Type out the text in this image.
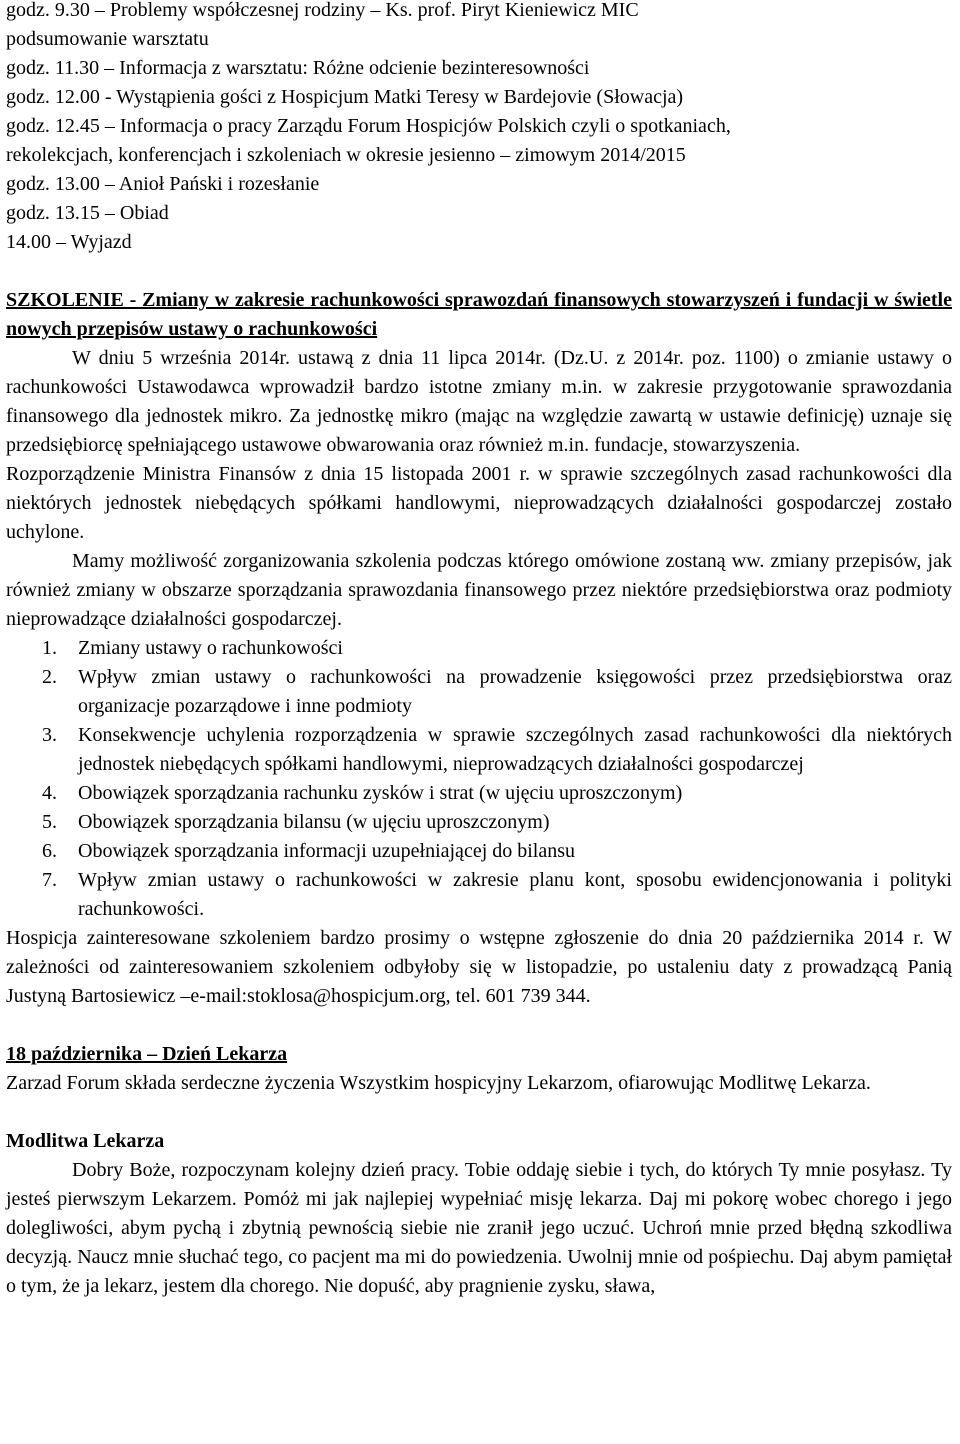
godz. 9.30 – Problemy współczesnej rodziny – Ks. prof. Piryt Kieniewicz MIC

podsumowanie warsztatu

godz. 11.30 – Informacja z warsztatu: Różne odcienie bezinteresowności

godz. 12.00 - Wystąpienia gości z Hospicjum Matki Teresy w Bardejovie (Słowacja)

godz. 12.45 – Informacja o pracy Zarządu Forum Hospicjów Polskich czyli o spotkaniach,

rekolekcjach, konferencjach i szkoleniach w okresie jesienno – zimowym 2014/2015

godz. 13.00 – Anioł Pański i rozesłanie

godz. 13.15 – Obiad

14.00 – Wyjazd

SZKOLENIE - Zmiany w zakresie rachunkowości sprawozdań finansowych stowarzyszeń i fundacji w świetle nowych przepisów ustawy o rachunkowości

W dniu 5 września 2014r. ustawą z dnia 11 lipca 2014r. (Dz.U. z 2014r. poz. 1100) o zmianie ustawy o rachunkowości Ustawodawca wprowadził bardzo istotne zmiany m.in. w zakresie przygotowanie sprawozdania finansowego dla jednostek mikro. Za jednostkę mikro (mając na względzie zawartą w ustawie definicję) uznaje się przedsiębiorcę spełniającego ustawowe obwarowania oraz również m.in. fundacje, stowarzyszenia.

Rozporządzenie Ministra Finansów z dnia 15 listopada 2001 r. w sprawie szczególnych zasad rachunkowości dla niektórych jednostek niebędących spółkami handlowymi, nieprowadzących działalności gospodarczej zostało uchylone.

Mamy możliwość zorganizowania szkolenia podczas którego omówione zostaną ww. zmiany przepisów, jak również zmiany w obszarze sporządzania sprawozdania finansowego przez niektóre przedsiębiorstwa oraz podmioty nieprowadzące działalności gospodarczej.

1.	Zmiany ustawy o rachunkowości
2.	Wpływ zmian ustawy o rachunkowości na prowadzenie księgowości przez przedsiębiorstwa oraz organizacje pozarządowe i inne podmioty
3.	Konsekwencje uchylenia rozporządzenia w sprawie szczególnych zasad rachunkowości dla niektórych jednostek niebędących spółkami handlowymi, nieprowadzących działalności gospodarczej
4.	Obowiązek sporządzania rachunku zysków i strat (w ujęciu uproszczonym)
5.	Obowiązek sporządzania bilansu (w ujęciu uproszczonym)
6.	Obowiązek sporządzania informacji uzupełniającej do bilansu
7.	Wpływ zmian ustawy o rachunkowości w zakresie planu kont, sposobu ewidencjonowania i polityki rachunkowości.

Hospicja zainteresowane szkoleniem bardzo prosimy o wstępne zgłoszenie do dnia 20 października 2014 r. W zależności od zainteresowaniem szkoleniem odbyłoby się w listopadzie, po ustaleniu daty z prowadzącą Panią Justyną Bartosiewicz –e-mail:stoklosa@hospicjum.org, tel. 601 739 344.

18 października – Dzień Lekarza

Zarzad Forum składa serdeczne życzenia Wszystkim hospicyjny Lekarzom, ofiarowując Modlitwę Lekarza.

Modlitwa Lekarza

Dobry Boże, rozpoczynam kolejny dzień pracy. Tobie oddaję siebie i tych, do których Ty mnie posyłasz. Ty jesteś pierwszym Lekarzem. Pomóż mi jak najlepiej wypełniać misję lekarza. Daj mi pokorę wobec chorego i jego dolegliwości, abym pychą i zbytnią pewnością siebie nie zranił jego uczuć. Uchroń mnie przed błędną szkodliwa decyzją. Naucz mnie słuchać tego, co pacjent ma mi do powiedzenia. Uwolnij mnie od pośpiechu. Daj abym pamiętał o tym, że ja lekarz, jestem dla chorego. Nie dopuść, aby pragnienie zysku, sława,
